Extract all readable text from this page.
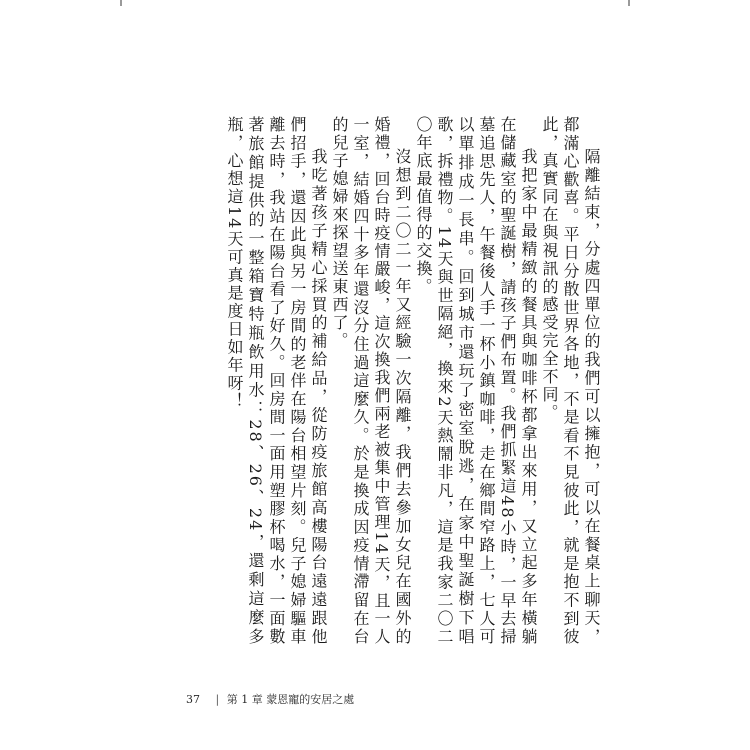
隔離結束，分處四單位的我們可以擁抱，可以在餐桌上聊天，都滿心歡喜。平日分散世界各地，不是看不見彼此，就是抱不到彼此，真實同在與視訊的感受完全不同。

我把家中最精緻的餐具與咖啡杯都拿出來用，又立起多年橫躺在儲藏室的聖誕樹，請孩子們布置。我們抓緊這48小時，一早去掃墓追思先人，午餐後人手一杯小鎮咖啡，走在鄉間窄路上，七人可以單排成一長串。回到城市還玩了密室脫逃，在家中聖誕樹下唱歌，拆禮物。14天與世隔絕，換來2天熱鬧非凡，這是我家二〇二〇年底最值得的交換。

沒想到二〇二一年又經驗一次隔離，我們去參加女兒在國外的婚禮，回台時疫情嚴峻，這次換我們兩老被集中管理14天，且一人一室，結婚四十多年還沒分住過這麼久。於是換成因疫情滯留在台的兒子媳婦來探望送東西了。

我吃著孩子精心採買的補給品，從防疫旅館高樓陽台遠遠跟他們招手，還因此與另一房間的老伴在陽台相望片刻。兒子媳婦驅車離去時，我站在陽台看了好久。回房間一面用塑膠杯喝水，一面數著旅館提供的一整箱寶特瓶飲用水：28、26、24，還剩這麼多瓶，心想這14天可真是度日如年呀！

37 | 第 1 章 蒙恩寵的安居之處
